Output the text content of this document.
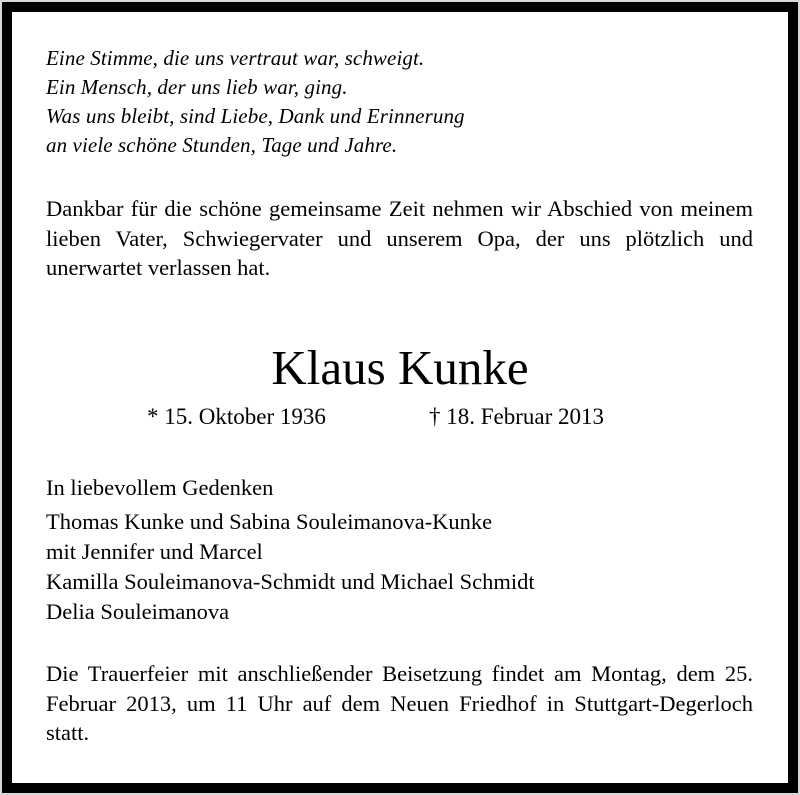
Eine Stimme, die uns vertraut war, schweigt.
Ein Mensch, der uns lieb war, ging.
Was uns bleibt, sind Liebe, Dank und Erinnerung
an viele schöne Stunden, Tage und Jahre.
Dankbar für die schöne gemeinsame Zeit nehmen wir Abschied von meinem lieben Vater, Schwiegervater und unserem Opa, der uns plötzlich und unerwartet verlassen hat.
Klaus Kunke
* 15. Oktober 1936	† 18. Februar 2013
In liebevollem Gedenken
Thomas Kunke und Sabina Souleimanova-Kunke
mit Jennifer und Marcel
Kamilla Souleimanova-Schmidt und Michael Schmidt
Delia Souleimanova
Die Trauerfeier mit anschließender Beisetzung findet am Montag, dem 25. Februar 2013, um 11 Uhr auf dem Neuen Friedhof in Stuttgart-Degerloch statt.
